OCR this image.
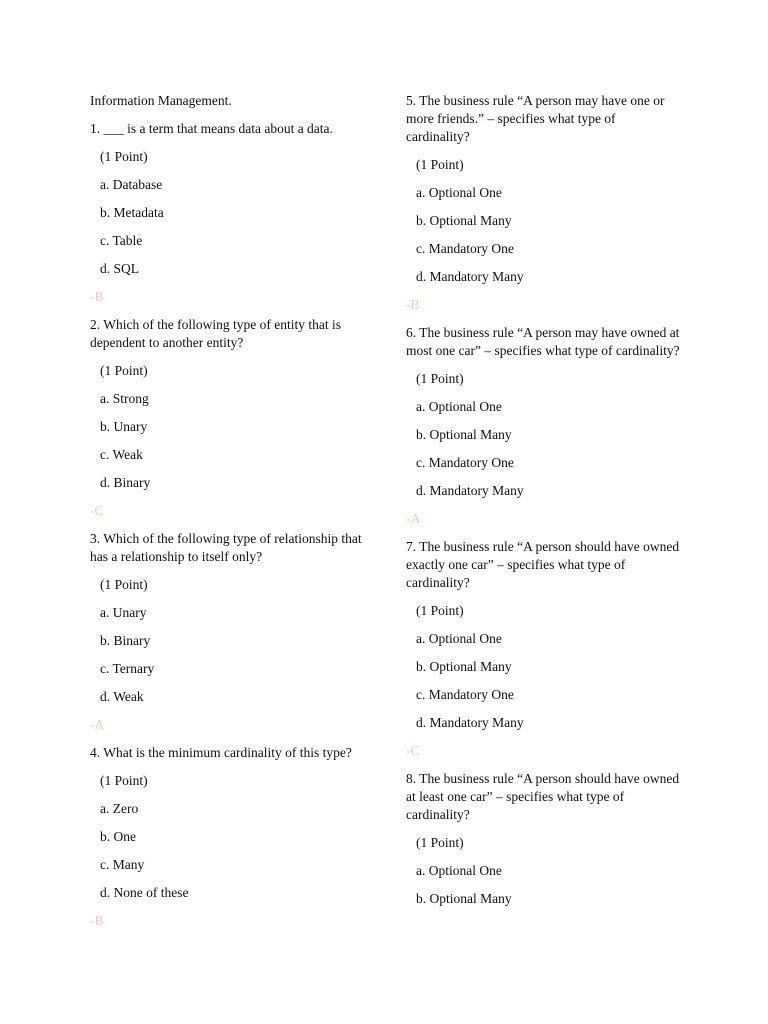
Information Management.

1. ___ is a term that means data about a data.

(1 Point)

a. Database

b. Metadata

c. Table

d. SQL

-B

2. Which of the following type of entity that is dependent to another entity?

(1 Point)

a. Strong

b. Unary

c. Weak

d. Binary

-C

3. Which of the following type of relationship that has a relationship to itself only?

(1 Point)

a. Unary

b. Binary

c. Ternary

d. Weak

-A

4. What is the minimum cardinality of this type?

(1 Point)

a. Zero

b. One

c. Many

d. None of these

-B

5. The business rule “A person may have one or more friends.” – specifies what type of cardinality?

(1 Point)

a. Optional One

b. Optional Many

c. Mandatory One

d. Mandatory Many

-B

6. The business rule “A person may have owned at most one car” – specifies what type of cardinality?

(1 Point)

a. Optional One

b. Optional Many

c. Mandatory One

d. Mandatory Many

-A

7. The business rule “A person should have owned exactly one car” – specifies what type of cardinality?

(1 Point)

a. Optional One

b. Optional Many

c. Mandatory One

d. Mandatory Many

-C

8. The business rule “A person should have owned at least one car” – specifies what type of cardinality?

(1 Point)

a. Optional One

b. Optional Many
